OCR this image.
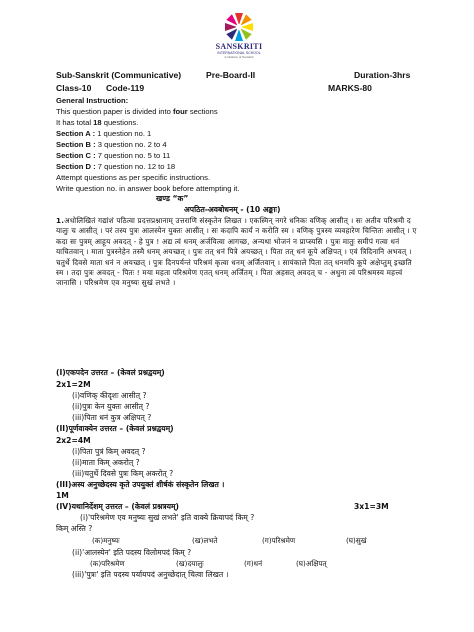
SANSKRITI
INTERNATIONAL SCHOOL
A Initiative of Sanskriti
Sub-Sanskrit (Communicative)	Pre-Board-II	Duration-3hrs
Class-10 Code-119	MARKS-80
General Instruction:
This question paper is divided into four sections
It has total 18 questions.
Section A : 1 question no. 1
Section B : 3 question no. 2 to 4
Section C : 7 question no. 5 to 11
Section D : 7 question no. 12 to 18
Attempt questions as per specific instructions.
Write question no. in answer book before attempting it.
खण्ड “क”
अपठित-अवबोधनम् - (10 अङ्काः)
1.अधोलिखितं गद्यांशं पठित्वा प्रदत्तप्रश्नानाम् उत्तराणि संस्कृतेन लिखत । एकस्मिन् नगरे धनिकः वणिक् आसीत् । सः अतीव परिश्रमी दयालुः च आसीत् । परं तस्य पुत्रः आलस्येन युक्तः आसीत् । सः कदापि कार्यं न करोति स्म । वणिक् पुत्रस्य व्यवहारेण चिन्तितः आसीत् । एकदा सः पुत्रम् आहूय अवदत् - हे पुत्र ! अद्य त्वं धनम् अर्जयित्वा आगच्छ, अन्यथा भोजनं न प्राप्स्यसि । पुत्रः मातुः समीपं गत्वा धनं याचितवान् । माता पुत्रस्नेहेन तस्मै धनम् अयच्छत् । पुत्रः तत् धनं पित्रे अयच्छत् । पिता तत् धनं कूपे अक्षिपत् । एवं त्रिदिनानि अभवत् । चतुर्थे दिवसे माता धनं न अयच्छत् । पुत्रः दिनपर्यन्तं परिश्रमं कृत्वा धनम् अर्जितवान् । सायंकाले पिता तत् धनमपि कूपे अक्षेप्तुम् इच्छति स्म । तदा पुत्रः अवदत् - पितः ! मया महता परिश्रमेण एतत् धनम् अर्जितम् । पिता अहसत् अवदत् च - अधुना त्वं परिश्रमस्य महत्त्वं जानासि । परिश्रमेण एव मनुष्यः सुखं लभते ।
(I)एकपदेन उत्तरत – (केवलं प्रश्नद्वयम्)
2x1=2M
(i)वणिक् कीदृशः आसीत् ?
(ii)पुत्रः केन युक्तः आसीत् ?
(iii)पिता धनं कुत्र अक्षिपत् ?
(II)पूर्णवाक्येन उत्तरत – (केवलं प्रश्नद्वयम्)
2x2=4M
(i)पिता पुत्रं किम् अवदत् ?
(ii)माता किम् अकरोत् ?
(iii)चतुर्थे दिवसे पुत्रः किम् अकरोत् ?
(III)अस्य अनुच्छेदस्य कृते उपयुक्तं शीर्षकं संस्कृतेन लिखत ।
1M
(IV)यथानिर्देशम् उत्तरत – (केवलं प्रश्नत्रयम्)	3x1=3M
(i)'परिश्रमेण एव मनुष्यः सुखं लभते' इति वाक्ये क्रियापदं किम् ?
किम् अस्ति ?
(क)मनुष्यः	(ख)लभते	(ग)परिश्रमेण	(घ)सुखं
(ii)'आलस्येन' इति पदस्य विलोमपदं किम् ?
(क)परिश्रमेण	(ख)दयालुः	(ग)धनं	(घ)अक्षिपत्
(iii)'पुत्रः' इति पदस्य पर्यायपदं अनुच्छेदात् चित्वा लिखत ।
